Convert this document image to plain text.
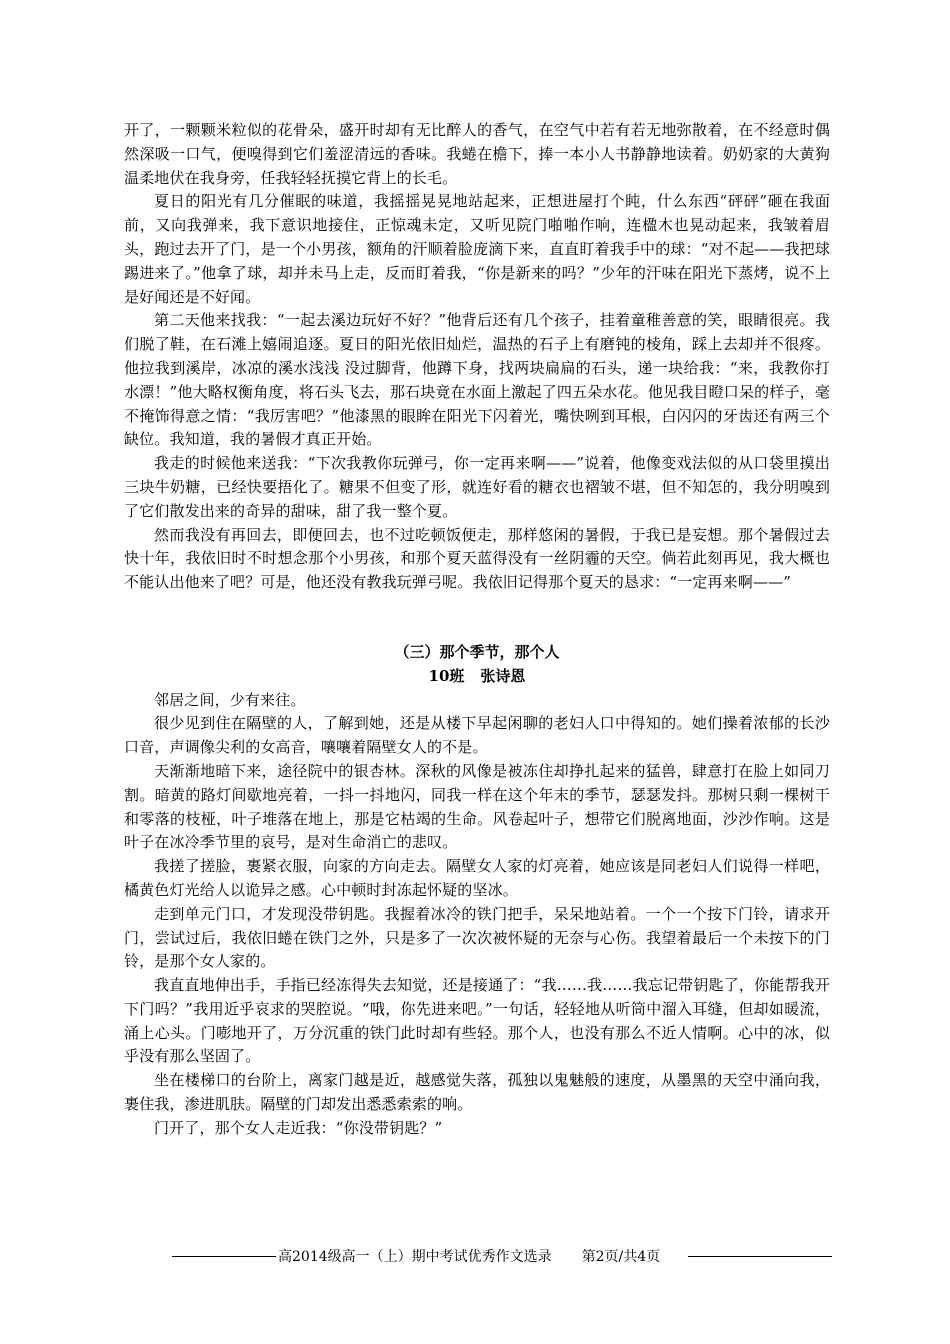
开了，一颗颗米粒似的花骨朵，盛开时却有无比醉人的香气，在空气中若有若无地弥散着，在不经意时偶然深吸一口气，便嗅得到它们羞涩清远的香味。我蜷在檐下，捧一本小人书静静地读着。奶奶家的大黄狗温柔地伏在我身旁，任我轻轻抚摸它背上的长毛。

夏日的阳光有几分催眠的味道，我摇摇晃晃地站起来，正想进屋打个盹，什么东西“砰砰”砸在我面前，又向我弹来，我下意识地接住，正惊魂未定，又听见院门啪啪作响，连楹木也晃动起来，我皱着眉头，跑过去开了门，是一个小男孩，额角的汗顺着脸庞滴下来，直直盯着我手中的球：“对不起——我把球踢进来了。”他拿了球，却并未马上走，反而盯着我，“你是新来的吗？”少年的汗味在阳光下蒸烤，说不上是好闻还是不好闻。

第二天他来找我：“一起去溪边玩好不好？”他背后还有几个孩子，挂着童稚善意的笑，眼睛很亮。我们脱了鞋，在石滩上嬉闹追逐。夏日的阳光依旧灿烂，温热的石子上有磨钝的棱角，踩上去却并不很疼。他拉我到溪岸，冰凉的溪水浅浅 没过脚背，他蹲下身，找两块扁扁的石头，递一块给我：“来，我教你打水漂！”他大略权衡角度，将石头飞去，那石块竟在水面上激起了四五朵水花。他见我目瞪口呆的样子，毫不掩饰得意之情：“我厉害吧？”他漆黑的眼眸在阳光下闪着光，嘴快咧到耳根，白闪闪的牙齿还有两三个缺位。我知道，我的暑假才真正开始。

我走的时候他来送我：“下次我教你玩弹弓，你一定再来啊——”说着，他像变戏法似的从口袋里摸出三块牛奶糖，已经快要捂化了。糖果不但变了形，就连好看的糖衣也褶皱不堪，但不知怎的，我分明嗅到了它们散发出来的奇异的甜味，甜了我一整个夏。

然而我没有再回去，即便回去，也不过吃顿饭便走，那样悠闲的暑假，于我已是妄想。那个暑假过去快十年，我依旧时不时想念那个小男孩，和那个夏天蓝得没有一丝阴霾的天空。倘若此刻再见，我大概也不能认出他来了吧？可是，他还没有教我玩弹弓呢。我依旧记得那个夏天的恳求：“一定再来啊——”

（三）那个季节，那个人

10班 张诗恩

邻居之间，少有来往。

很少见到住在隔壁的人，了解到她，还是从楼下早起闲聊的老妇人口中得知的。她们操着浓郁的长沙口音，声调像尖利的女高音，嚷嚷着隔壁女人的不是。

天渐渐地暗下来，途径院中的银杏林。深秋的风像是被冻住却挣扎起来的猛兽，肆意打在脸上如同刀割。暗黄的路灯间歇地亮着，一抖一抖地闪，同我一样在这个年末的季节，瑟瑟发抖。那树只剩一棵树干和零落的枝桠，叶子堆落在地上，那是它枯竭的生命。风卷起叶子，想带它们脱离地面，沙沙作响。这是叶子在冰冷季节里的哀号，是对生命消亡的悲叹。

我搓了搓脸，裹紧衣服，向家的方向走去。隔壁女人家的灯亮着，她应该是同老妇人们说得一样吧，橘黄色灯光给人以诡异之感。心中顿时封冻起怀疑的坚冰。

走到单元门口，才发现没带钥匙。我握着冰冷的铁门把手，呆呆地站着。一个一个按下门铃，请求开门，尝试过后，我依旧蜷在铁门之外，只是多了一次次被怀疑的无奈与心伤。我望着最后一个未按下的门铃，是那个女人家的。

我直直地伸出手，手指已经冻得失去知觉，还是接通了：“我……我……我忘记带钥匙了，你能帮我开下门吗？”我用近乎哀求的哭腔说。“哦，你先进来吧。”一句话，轻轻地从听筒中溜入耳缝，但却如暖流，涌上心头。门嘭地开了，万分沉重的铁门此时却有些轻。那个人，也没有那么不近人情啊。心中的冰，似乎没有那么坚固了。

坐在楼梯口的台阶上，离家门越是近，越感觉失落，孤独以鬼魅般的速度，从墨黑的天空中涌向我，裹住我，渗进肌肤。隔壁的门却发出悉悉索索的响。

门开了，那个女人走近我：“你没带钥匙？”

高2014级高一（上）期中考试优秀作文选录 第2页/共4页
